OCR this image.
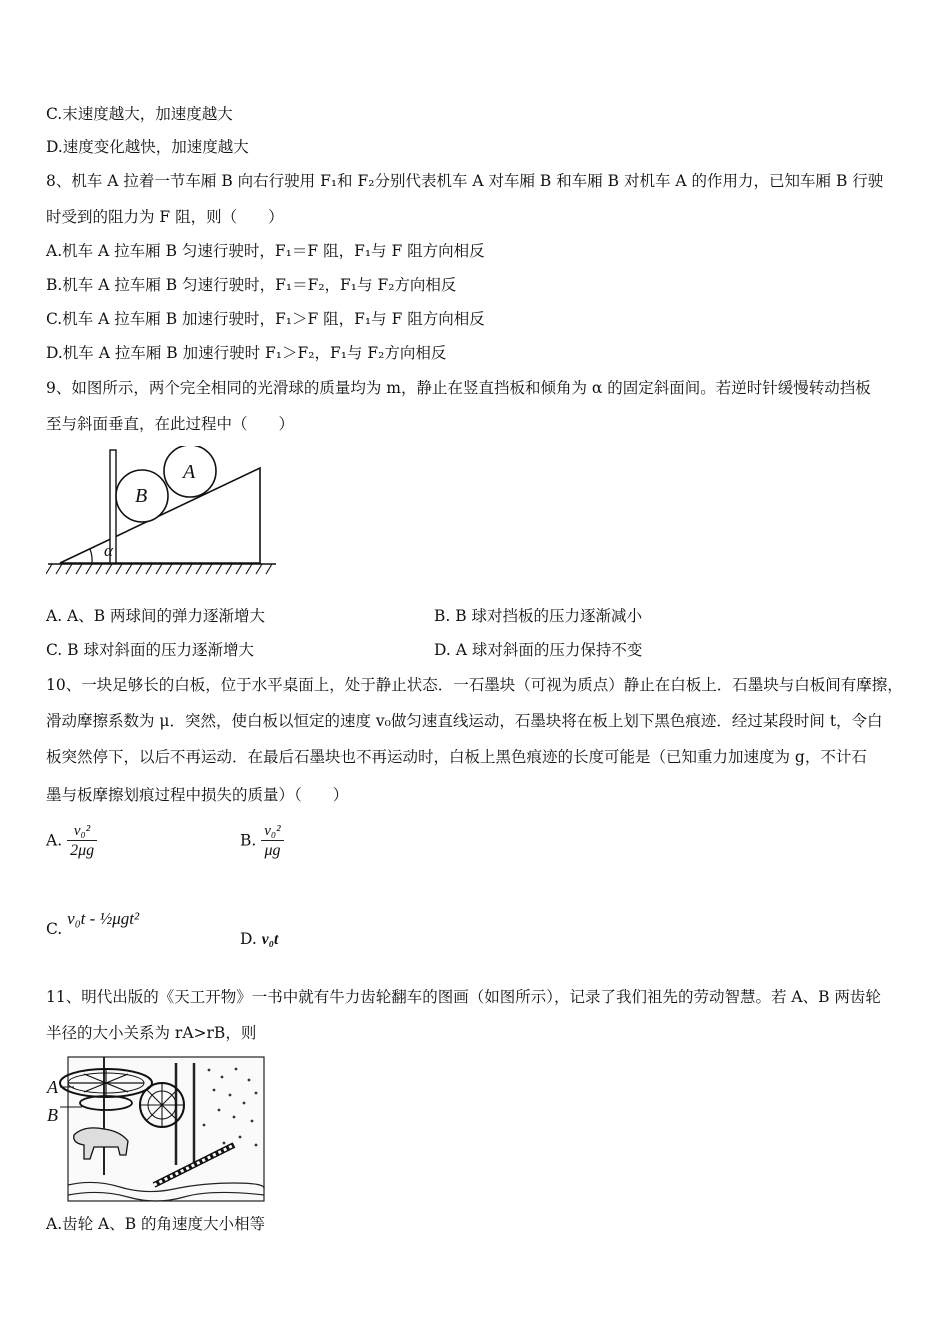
C.末速度越大，加速度越大
D.速度变化越快，加速度越大
8、机车 A 拉着一节车厢 B 向右行驶用 F₁和 F₂分别代表机车 A 对车厢 B 和车厢 B 对机车 A 的作用力，已知车厢 B 行驶
时受到的阻力为 F 阻，则（　　）
A.机车 A 拉车厢 B 匀速行驶时，F₁＝F 阻，F₁与 F 阻方向相反
B.机车 A 拉车厢 B 匀速行驶时，F₁＝F₂，F₁与 F₂方向相反
C.机车 A 拉车厢 B 加速行驶时，F₁＞F 阻，F₁与 F 阻方向相反
D.机车 A 拉车厢 B 加速行驶时 F₁＞F₂，F₁与 F₂方向相反
9、如图所示，两个完全相同的光滑球的质量均为 m，静止在竖直挡板和倾角为 α 的固定斜面间。若逆时针缓慢转动挡板
至与斜面垂直，在此过程中（　　）
B
A
α
A. A、B 两球间的弹力逐渐增大	B. B 球对挡板的压力逐渐减小
C. B 球对斜面的压力逐渐增大	D. A 球对斜面的压力保持不变
10、一块足够长的白板，位于水平桌面上，处于静止状态．一石墨块（可视为质点）静止在白板上．石墨块与白板间有摩擦，
滑动摩擦系数为 μ．突然，使白板以恒定的速度 v₀做匀速直线运动，石墨块将在板上划下黑色痕迹．经过某段时间 t，令白
板突然停下，以后不再运动．在最后石墨块也不再运动时，白板上黑色痕迹的长度可能是（已知重力加速度为 g，不计石
墨与板摩擦划痕过程中损失的质量）（　　）
A. $\frac{\text{v₀²}}{2\mu g}$	B. $\frac{\text{v₀²}}{\mu g}$
C. v₀t - ½μgt²
D. v₀t
11、明代出版的《天工开物》一书中就有牛力齿轮翻车的图画（如图所示），记录了我们祖先的劳动智慧。若 A、B 两齿轮
半径的大小关系为 rA>rB，则
A
B
A.齿轮 A、B 的角速度大小相等
